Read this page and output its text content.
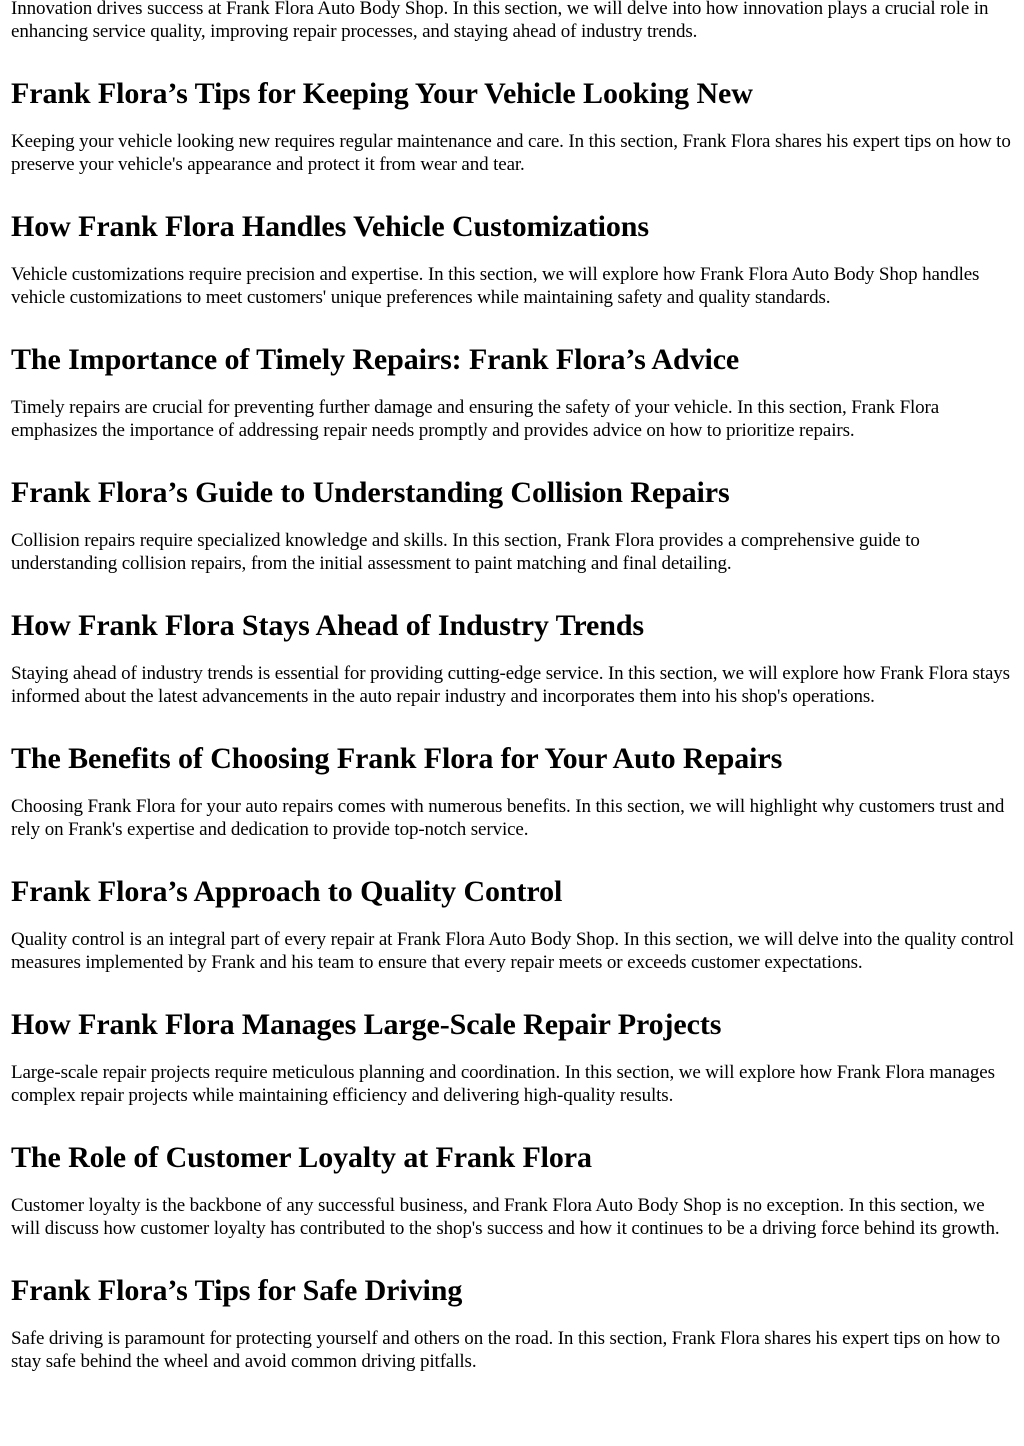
Innovation drives success at Frank Flora Auto Body Shop. In this section, we will delve into how innovation plays a crucial role in enhancing service quality, improving repair processes, and staying ahead of industry trends.

Frank Flora’s Tips for Keeping Your Vehicle Looking New

Keeping your vehicle looking new requires regular maintenance and care. In this section, Frank Flora shares his expert tips on how to preserve your vehicle's appearance and protect it from wear and tear.

How Frank Flora Handles Vehicle Customizations

Vehicle customizations require precision and expertise. In this section, we will explore how Frank Flora Auto Body Shop handles vehicle customizations to meet customers' unique preferences while maintaining safety and quality standards.

The Importance of Timely Repairs: Frank Flora’s Advice

Timely repairs are crucial for preventing further damage and ensuring the safety of your vehicle. In this section, Frank Flora emphasizes the importance of addressing repair needs promptly and provides advice on how to prioritize repairs.

Frank Flora’s Guide to Understanding Collision Repairs

Collision repairs require specialized knowledge and skills. In this section, Frank Flora provides a comprehensive guide to understanding collision repairs, from the initial assessment to paint matching and final detailing.

How Frank Flora Stays Ahead of Industry Trends

Staying ahead of industry trends is essential for providing cutting-edge service. In this section, we will explore how Frank Flora stays informed about the latest advancements in the auto repair industry and incorporates them into his shop's operations.

The Benefits of Choosing Frank Flora for Your Auto Repairs

Choosing Frank Flora for your auto repairs comes with numerous benefits. In this section, we will highlight why customers trust and rely on Frank's expertise and dedication to provide top-notch service.

Frank Flora’s Approach to Quality Control

Quality control is an integral part of every repair at Frank Flora Auto Body Shop. In this section, we will delve into the quality control measures implemented by Frank and his team to ensure that every repair meets or exceeds customer expectations.

How Frank Flora Manages Large-Scale Repair Projects

Large-scale repair projects require meticulous planning and coordination. In this section, we will explore how Frank Flora manages complex repair projects while maintaining efficiency and delivering high-quality results.

The Role of Customer Loyalty at Frank Flora

Customer loyalty is the backbone of any successful business, and Frank Flora Auto Body Shop is no exception. In this section, we will discuss how customer loyalty has contributed to the shop's success and how it continues to be a driving force behind its growth.

Frank Flora’s Tips for Safe Driving

Safe driving is paramount for protecting yourself and others on the road. In this section, Frank Flora shares his expert tips on how to stay safe behind the wheel and avoid common driving pitfalls.
